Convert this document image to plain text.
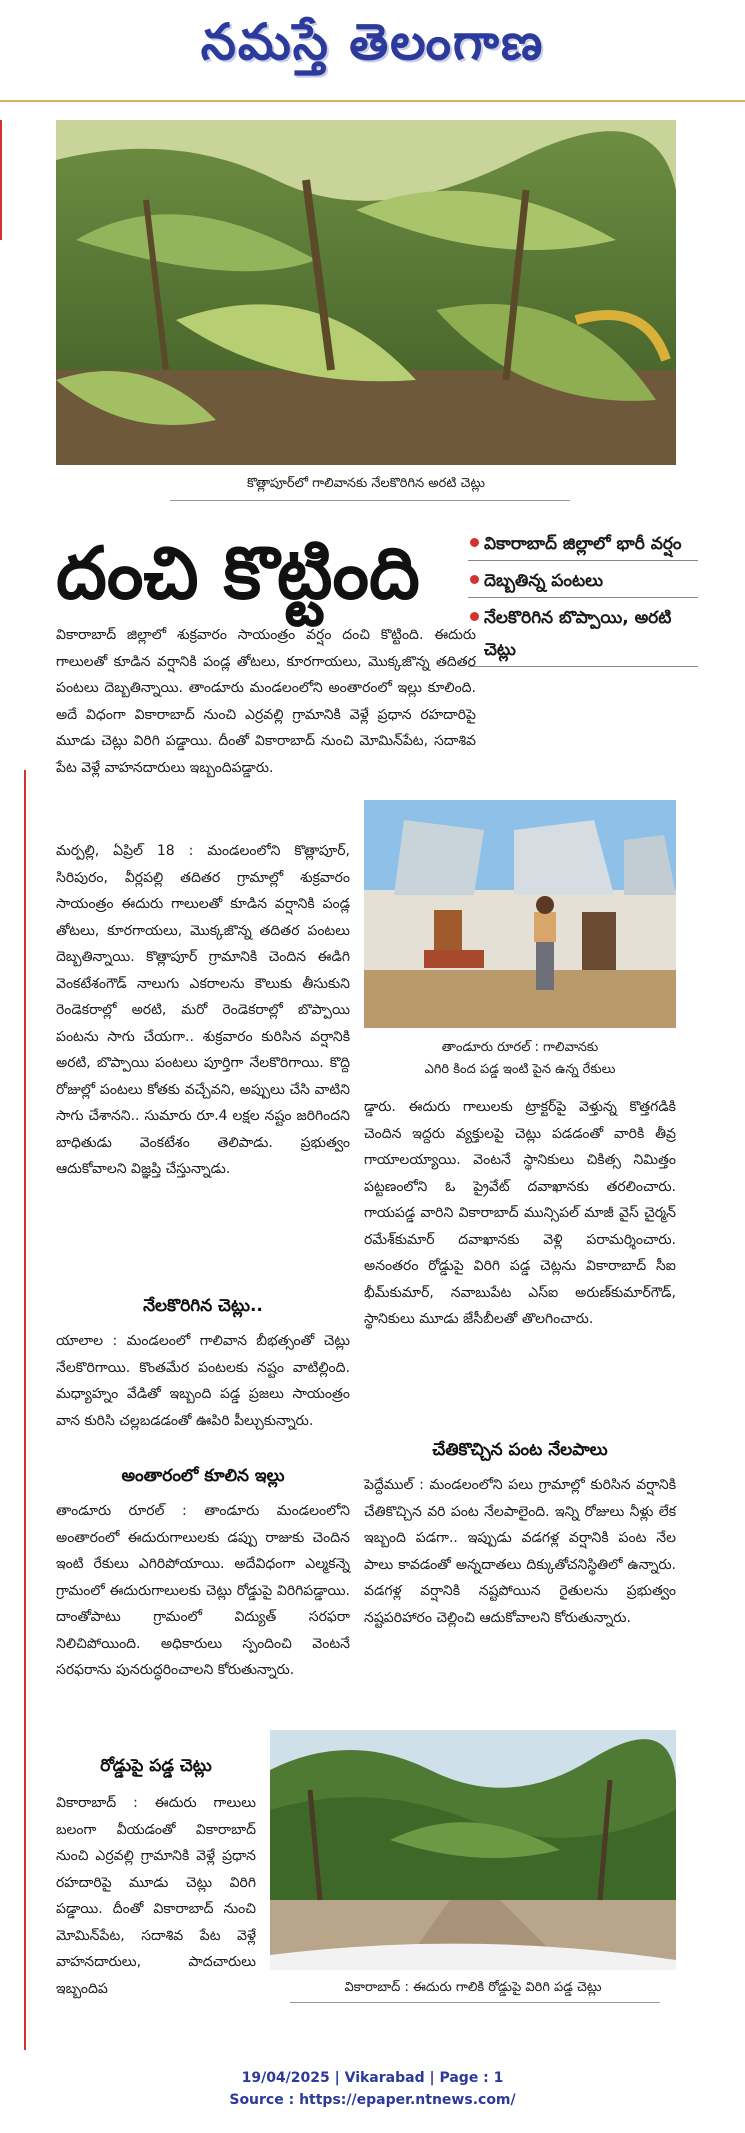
నమస్తే తెలంగాణ
కొత్లాపూర్‌లో గాలివానకు నేలకొరిగిన అరటి చెట్లు
దంచి కొట్టింది	వికారాబాద్‌ జిల్లాలో భారీ వర్షం
దెబ్బతిన్న పంటలు
నేలకొరిగిన బొప్పాయి, అరటి చెట్లు
వికారాబాద్‌ జిల్లాలో శుక్రవారం సాయంత్రం వర్షం దంచి కొట్టింది. ఈదురు గాలులతో కూడిన వర్షానికి పండ్ల తోటలు, కూరగాయలు, మొక్కజొన్న తదితర పంటలు దెబ్బతిన్నాయి. తాండూరు మండలంలోని అంతారంలో ఇల్లు కూలింది. అదే విధంగా వికారాబాద్‌ నుంచి ఎర్రవల్లి గ్రామానికి వెళ్లే ప్రధాన రహదారిపై మూడు చెట్లు విరిగి పడ్డాయి. దీంతో వికారాబాద్‌ నుంచి మోమిన్‌పేట, సదాశివ పేట వెళ్లే వాహనదారులు ఇబ్బందిపడ్డారు.
తాండూరు రూరల్‌ : గాలివానకు
ఎగిరి కింద పడ్డ ఇంటి పైన ఉన్న రేకులు
మర్పల్లి, ఏప్రిల్‌ 18 : మండలంలోని కొత్లాపూర్‌, సిరిపురం, వీర్లపల్లి తదితర గ్రామాల్లో శుక్రవారం సాయంత్రం ఈదురు గాలులతో కూడిన వర్షానికి పండ్ల తోటలు, కూరగాయలు, మొక్కజొన్న తదితర పంటలు దెబ్బతిన్నాయి. కొత్లాపూర్‌ గ్రామానికి చెందిన ఈడిగి వెంకటేశంగౌడ్‌ నాలుగు ఎకరాలను కౌలుకు తీసుకుని రెండెకరాల్లో అరటి, మరో రెండెకరాల్లో బొప్పాయి పంటను సాగు చేయగా.. శుక్రవారం కురిసిన వర్షానికి అరటి, బొప్పాయి పంటలు పూర్తిగా నేలకొరిగాయి. కొద్ది రోజుల్లో పంటలు కోతకు వచ్చేవని, అప్పులు చేసి వాటిని సాగు చేశానని.. సుమారు రూ.4 లక్షల నష్టం జరిగిందని బాధితుడు వెంకటేశం తెలిపాడు. ప్రభుత్వం ఆదుకోవాలని విజ్ఞప్తి చేస్తున్నాడు.
నేలకొరిగిన చెట్లు..
యాలాల : మండలంలో గాలివాన బీభత్సంతో చెట్లు నేలకొరిగాయి. కొంతమేర పంటలకు నష్టం వాటిల్లింది. మధ్యాహ్నం వేడితో ఇబ్బంది పడ్డ ప్రజలు సాయంత్రం వాన కురిసి చల్లబడడంతో ఊపిరి పీల్చుకున్నారు.
అంతారంలో కూలిన ఇల్లు
తాండూరు రూరల్‌ : తాండూరు మండలంలోని అంతారంలో ఈదురుగాలులకు డప్పు రాజుకు చెందిన ఇంటి రేకులు ఎగిరిపోయాయి. అదేవిధంగా ఎల్మకన్నె గ్రామంలో ఈదురుగాలులకు చెట్లు రోడ్డుపై విరిగిపడ్డాయి. దాంతోపాటు గ్రామంలో విద్యుత్‌ సరఫరా నిలిచిపోయింది. అధికారులు స్పందించి వెంటనే సరఫరాను పునరుద్ధరించాలని కోరుతున్నారు.
రోడ్డుపై పడ్డ చెట్లు
వికారాబాద్‌ : ఈదురు గాలులు బలంగా వీయడంతో వికారాబాద్‌ నుంచి ఎర్రవల్లి గ్రామానికి వెళ్లే ప్రధాన రహదారిపై మూడు చెట్లు విరిగి పడ్డాయి. దీంతో వికారాబాద్‌ నుంచి మోమిన్‌పేట, సదాశివ పేట వెళ్లే వాహనదారులు, పాదచారులు ఇబ్బందిప
డ్డారు. ఈదురు గాలులకు ట్రాక్టర్‌పై వెళ్తున్న కొత్తగడికి చెందిన ఇద్దరు వ్యక్తులపై చెట్లు పడడంతో వారికి తీవ్ర గాయాలయ్యాయి. వెంటనే స్థానికులు చికిత్స నిమిత్తం పట్టణంలోని ఓ ప్రైవేట్‌ దవాఖానకు తరలించారు. గాయపడ్డ వారిని వికారాబాద్‌ మున్సిపల్‌ మాజీ వైస్‌ చైర్మన్‌ రమేశ్‌కుమార్‌ దవాఖానకు వెళ్లి పరామర్శించారు. అనంతరం రోడ్డుపై విరిగి పడ్డ చెట్లను వికారాబాద్‌ సీఐ భీమ్‌కుమార్‌, నవాబుపేట ఎస్‌ఐ అరుణ్‌కుమార్‌గౌడ్‌, స్థానికులు మూడు జేసీబీలతో తొలగించారు.
చేతికొచ్చిన పంట నేలపాలు
పెద్దేముల్‌ : మండలంలోని పలు గ్రామాల్లో కురిసిన వర్షానికి చేతికొచ్చిన వరి పంట నేలపాలైంది. ఇన్ని రోజులు నీళ్లు లేక ఇబ్బంది పడగా.. ఇప్పుడు వడగళ్ల వర్షానికి పంట నేల పాలు కావడంతో అన్నదాతలు దిక్కుతోచనిస్థితిలో ఉన్నారు. వడగళ్ల వర్షానికి నష్టపోయిన రైతులను ప్రభుత్వం నష్టపరిహారం చెల్లించి ఆదుకోవాలని కోరుతున్నారు.
వికారాబాద్‌ : ఈదురు గాలికి రోడ్డుపై విరిగి పడ్డ చెట్లు
19/04/2025 | Vikarabad | Page : 1
Source : https://epaper.ntnews.com/
